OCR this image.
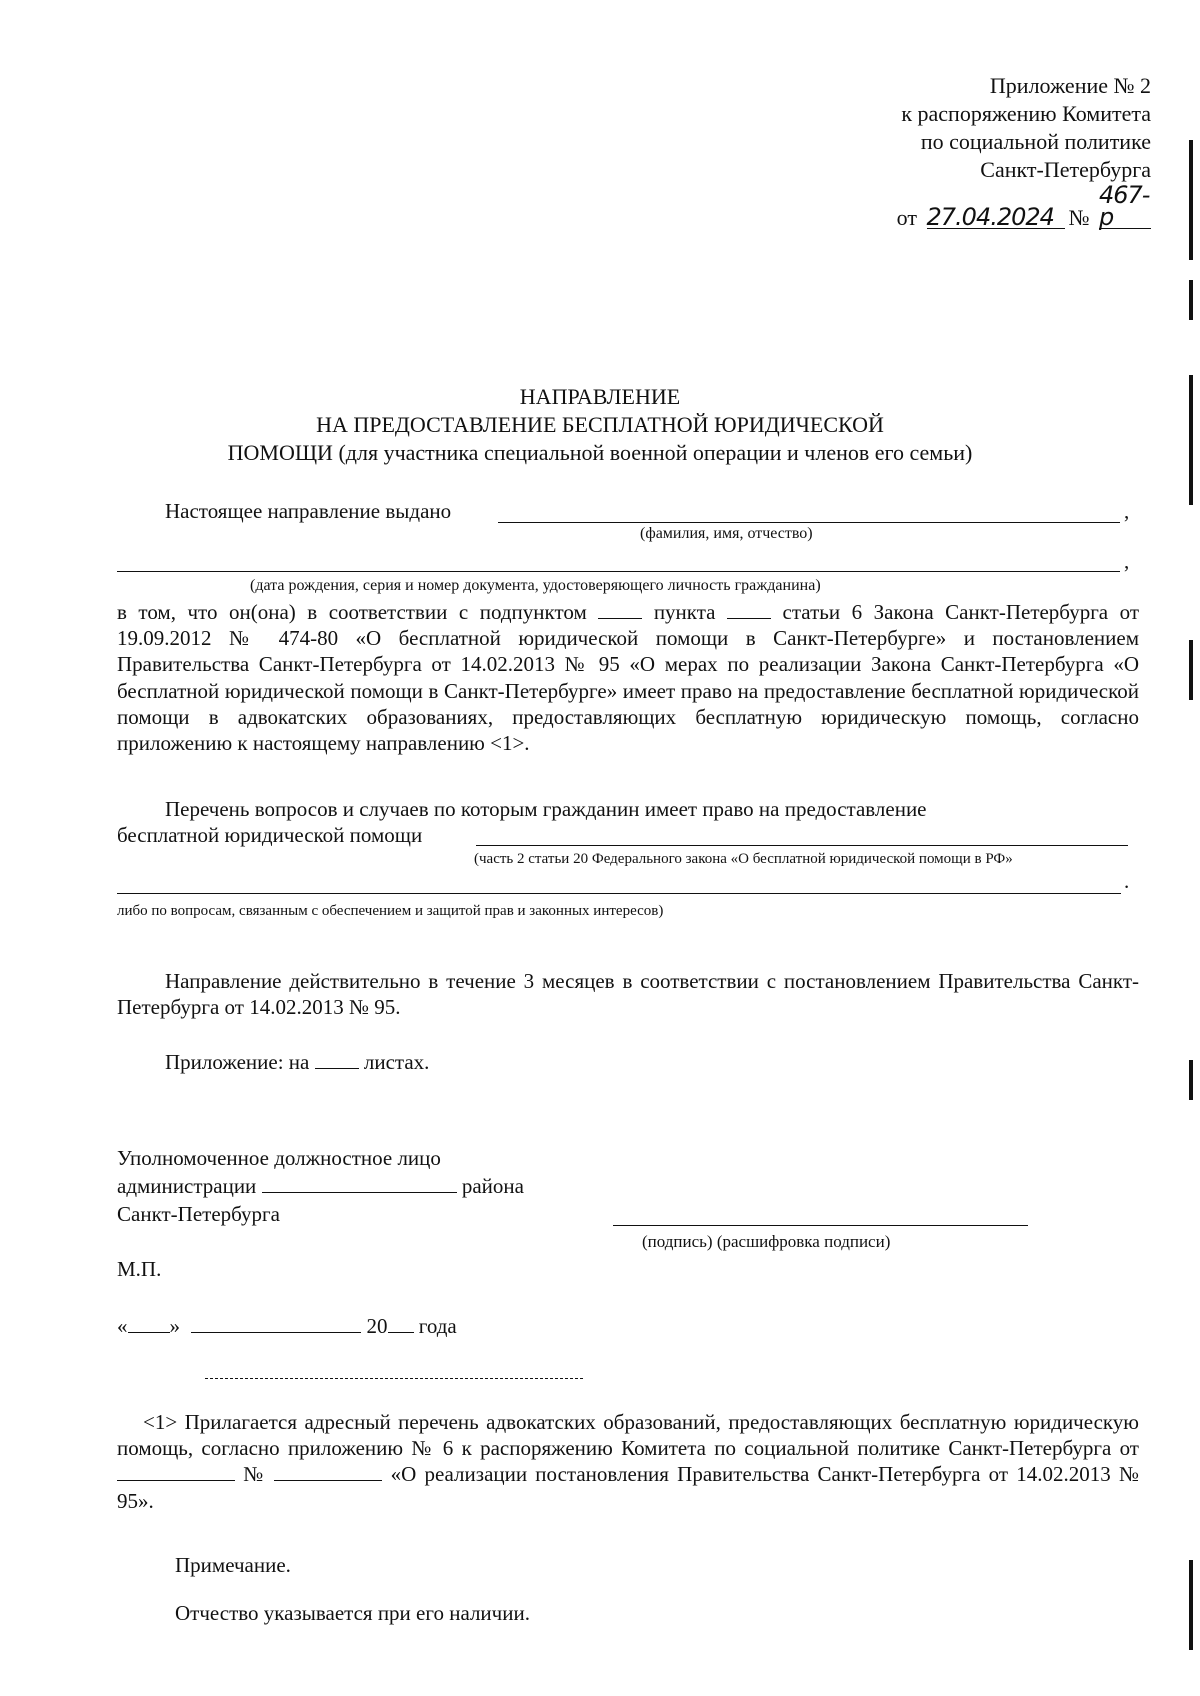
Приложение № 2
к распоряжению Комитета
по социальной политике
Санкт-Петербурга
от 27.04.2024 № 467-р
НАПРАВЛЕНИЕ
НА ПРЕДОСТАВЛЕНИЕ БЕСПЛАТНОЙ ЮРИДИЧЕСКОЙ
ПОМОЩИ (для участника специальной военной операции и членов его семьи)
Настоящее направление выдано	,
(фамилия, имя, отчество)
,
(дата рождения, серия и номер документа, удостоверяющего личность гражданина)
в том, что он(она) в соответствии с подпунктом	пункта	статьи 6 Закона Санкт-Петербурга от 19.09.2012 № 474-80 «О бесплатной юридической помощи в Санкт-Петербурге» и постановлением Правительства Санкт-Петербурга от 14.02.2013 № 95 «О мерах по реализации Закона Санкт-Петербурга «О бесплатной юридической помощи в Санкт-Петербурге» имеет право на предоставление бесплатной юридической помощи в адвокатских образованиях, предоставляющих бесплатную юридическую помощь, согласно приложению к настоящему направлению <1>.
Перечень вопросов и случаев по которым гражданин имеет право на предоставление
бесплатной юридической помощи
(часть 2 статьи 20 Федерального закона «О бесплатной юридической помощи в РФ»
.
либо по вопросам, связанным с обеспечением и защитой прав и законных интересов)
Направление действительно в течение 3 месяцев в соответствии с постановлением Правительства Санкт-Петербурга от 14.02.2013 № 95.
Приложение: на	листах.
Уполномоченное должностное лицо
администрации	района
Санкт-Петербурга
(подпись) (расшифровка подписи)
М.П.
« »	20 года
<1> Прилагается адресный перечень адвокатских образований, предоставляющих бесплатную юридическую помощь, согласно приложению № 6 к распоряжению Комитета по социальной политике Санкт-Петербурга от  №	«О реализации постановления Правительства Санкт-Петербурга от 14.02.2013 № 95».
Примечание.
Отчество указывается при его наличии.
